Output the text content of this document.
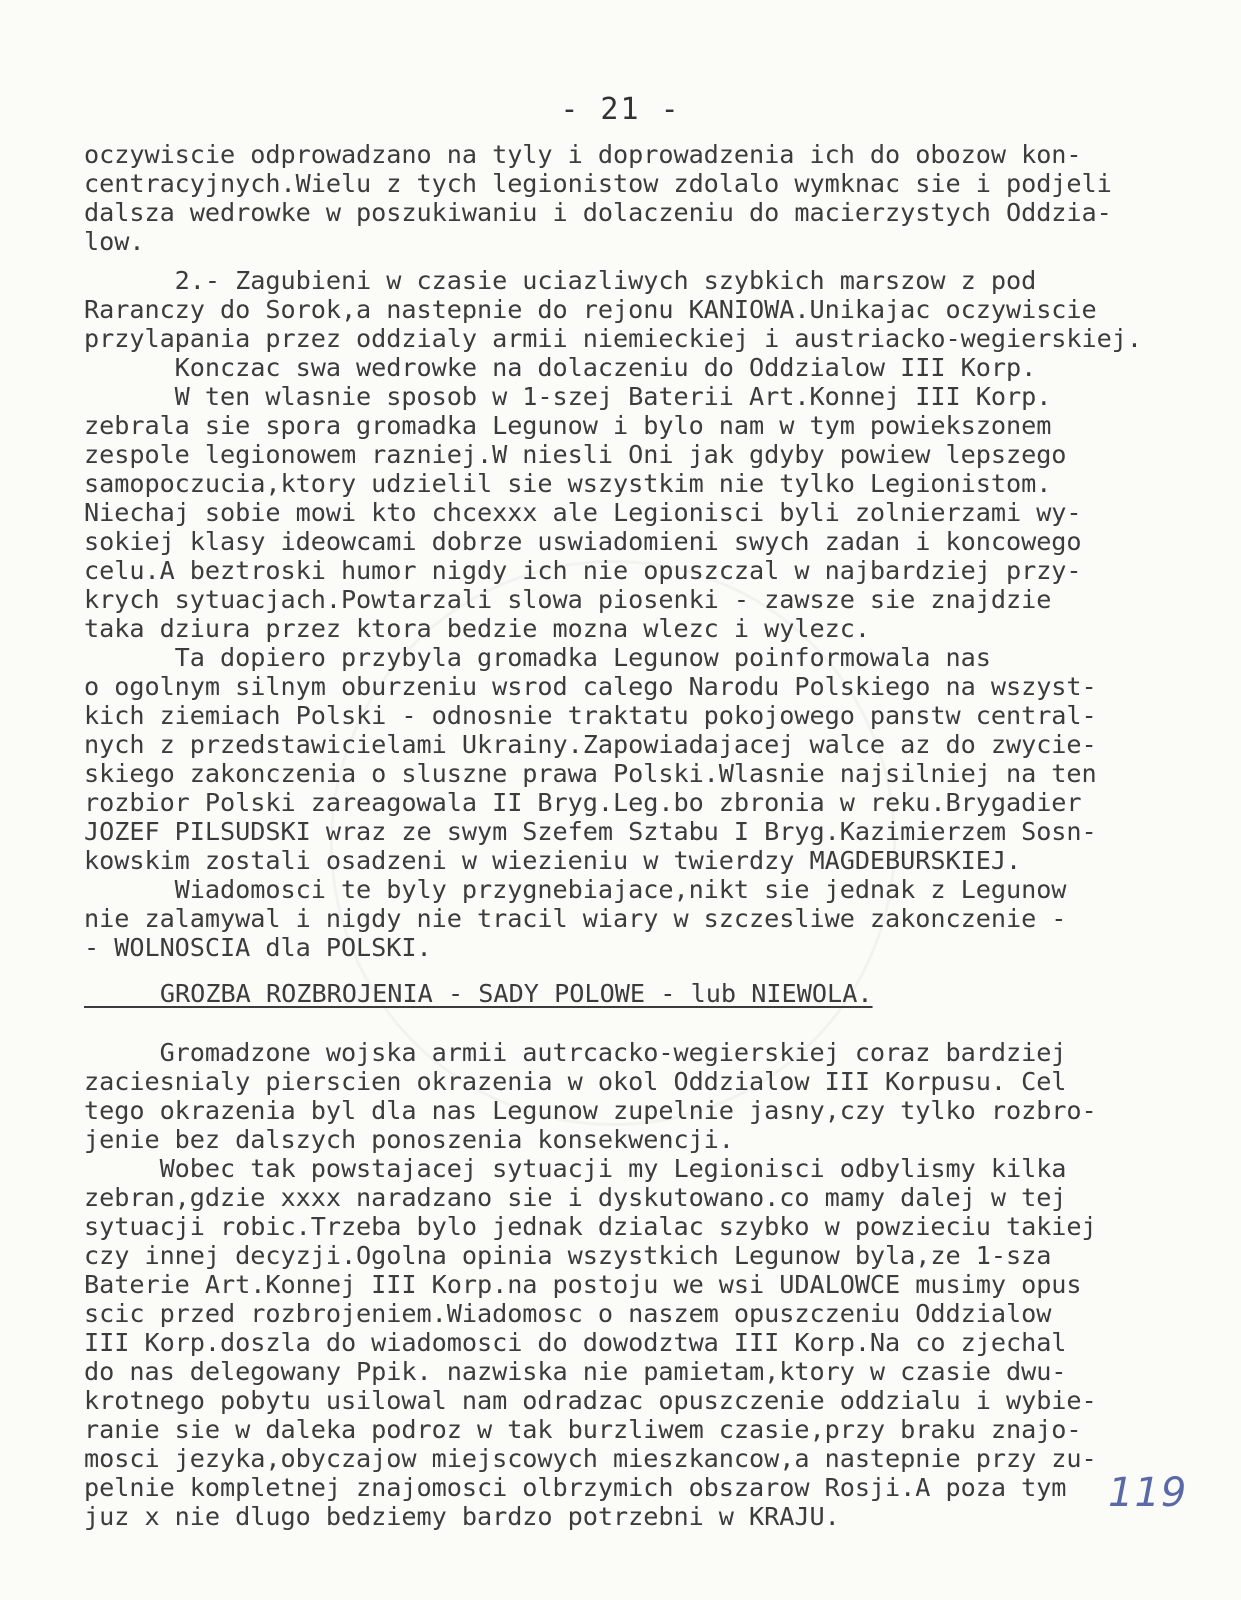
- 21 -
oczywiscie odprowadzano na tyly i doprowadzenia ich do obozow kon-
centracyjnych.Wielu z tych legionistow zdolalo wymknac sie i podjeli
dalsza wedrowke w poszukiwaniu i dolaczeniu do macierzystych Oddzia-
low.
2.- Zagubieni w czasie uciazliwych szybkich marszow z pod
Raranczy do Sorok,a nastepnie do rejonu KANIOWA.Unikajac oczywiscie
przylapania przez oddzialy armii niemieckiej i austriacko-wegierskiej.
Konczac swa wedrowke na dolaczeniu do Oddzialow III Korp.
W ten wlasnie sposob w 1-szej Baterii Art.Konnej III Korp.
zebrala sie spora gromadka Legunow i bylo nam w tym powiekszonem
zespole legionowem razniej.W niesli Oni jak gdyby powiew lepszego
samopoczucia,ktory udzielil sie wszystkim nie tylko Legionistom.
Niechaj sobie mowi kto chcexxx ale Legionisci byli zolnierzami wy-
sokiej klasy ideowcami dobrze uswiadomieni swych zadan i koncowego
celu.A beztroski humor nigdy ich nie opuszczal w najbardziej przy-
krych sytuacjach.Powtarzali slowa piosenki - zawsze sie znajdzie
taka dziura przez ktora bedzie mozna wlezc i wylezc.
Ta dopiero przybyla gromadka Legunow poinformowala nas
o ogolnym silnym oburzeniu wsrod calego Narodu Polskiego na wszyst-
kich ziemiach Polski - odnosnie traktatu pokojowego panstw central-
nych z przedstawicielami Ukrainy.Zapowiadajacej walce az do zwycie-
skiego zakonczenia o sluszne prawa Polski.Wlasnie najsilniej na ten
rozbior Polski zareagowala II Bryg.Leg.bo zbronia w reku.Brygadier
JOZEF PILSUDSKI wraz ze swym Szefem Sztabu I Bryg.Kazimierzem Sosn-
kowskim zostali osadzeni w wiezieniu w twierdzy MAGDEBURSKIEJ.
Wiadomosci te byly przygnebiajace,nikt sie jednak z Legunow
nie zalamywal i nigdy nie tracil wiary w szczesliwe zakonczenie -
- WOLNOSCIA dla POLSKI.
GROZBA ROZBROJENIA - SADY POLOWE - lub NIEWOLA.
Gromadzone wojska armii autrcacko-wegierskiej coraz bardziej
zaciesnialy pierscien okrazenia w okol Oddzialow III Korpusu. Cel
tego okrazenia byl dla nas Legunow zupelnie jasny,czy tylko rozbro-
jenie bez dalszych ponoszenia konsekwencji.
Wobec tak powstajacej sytuacji my Legionisci odbylismy kilka
zebran,gdzie xxxx naradzano sie i dyskutowano.co mamy dalej w tej
sytuacji robic.Trzeba bylo jednak dzialac szybko w powzieciu takiej
czy innej decyzji.Ogolna opinia wszystkich Legunow byla,ze 1-sza
Baterie Art.Konnej III Korp.na postoju we wsi UDALOWCE musimy opus
scic przed rozbrojeniem.Wiadomosc o naszem opuszczeniu Oddzialow
III Korp.doszla do wiadomosci do dowodztwa III Korp.Na co zjechal
do nas delegowany Ppik. nazwiska nie pamietam,ktory w czasie dwu-
krotnego pobytu usilowal nam odradzac opuszczenie oddzialu i wybie-
ranie sie w daleka podroz w tak burzliwem czasie,przy braku znajo-
mosci jezyka,obyczajow miejscowych mieszkancow,a nastepnie przy zu-
pelnie kompletnej znajomosci olbrzymich obszarow Rosji.A poza tym
juz x nie dlugo bedziemy bardzo potrzebni w KRAJU.
119
